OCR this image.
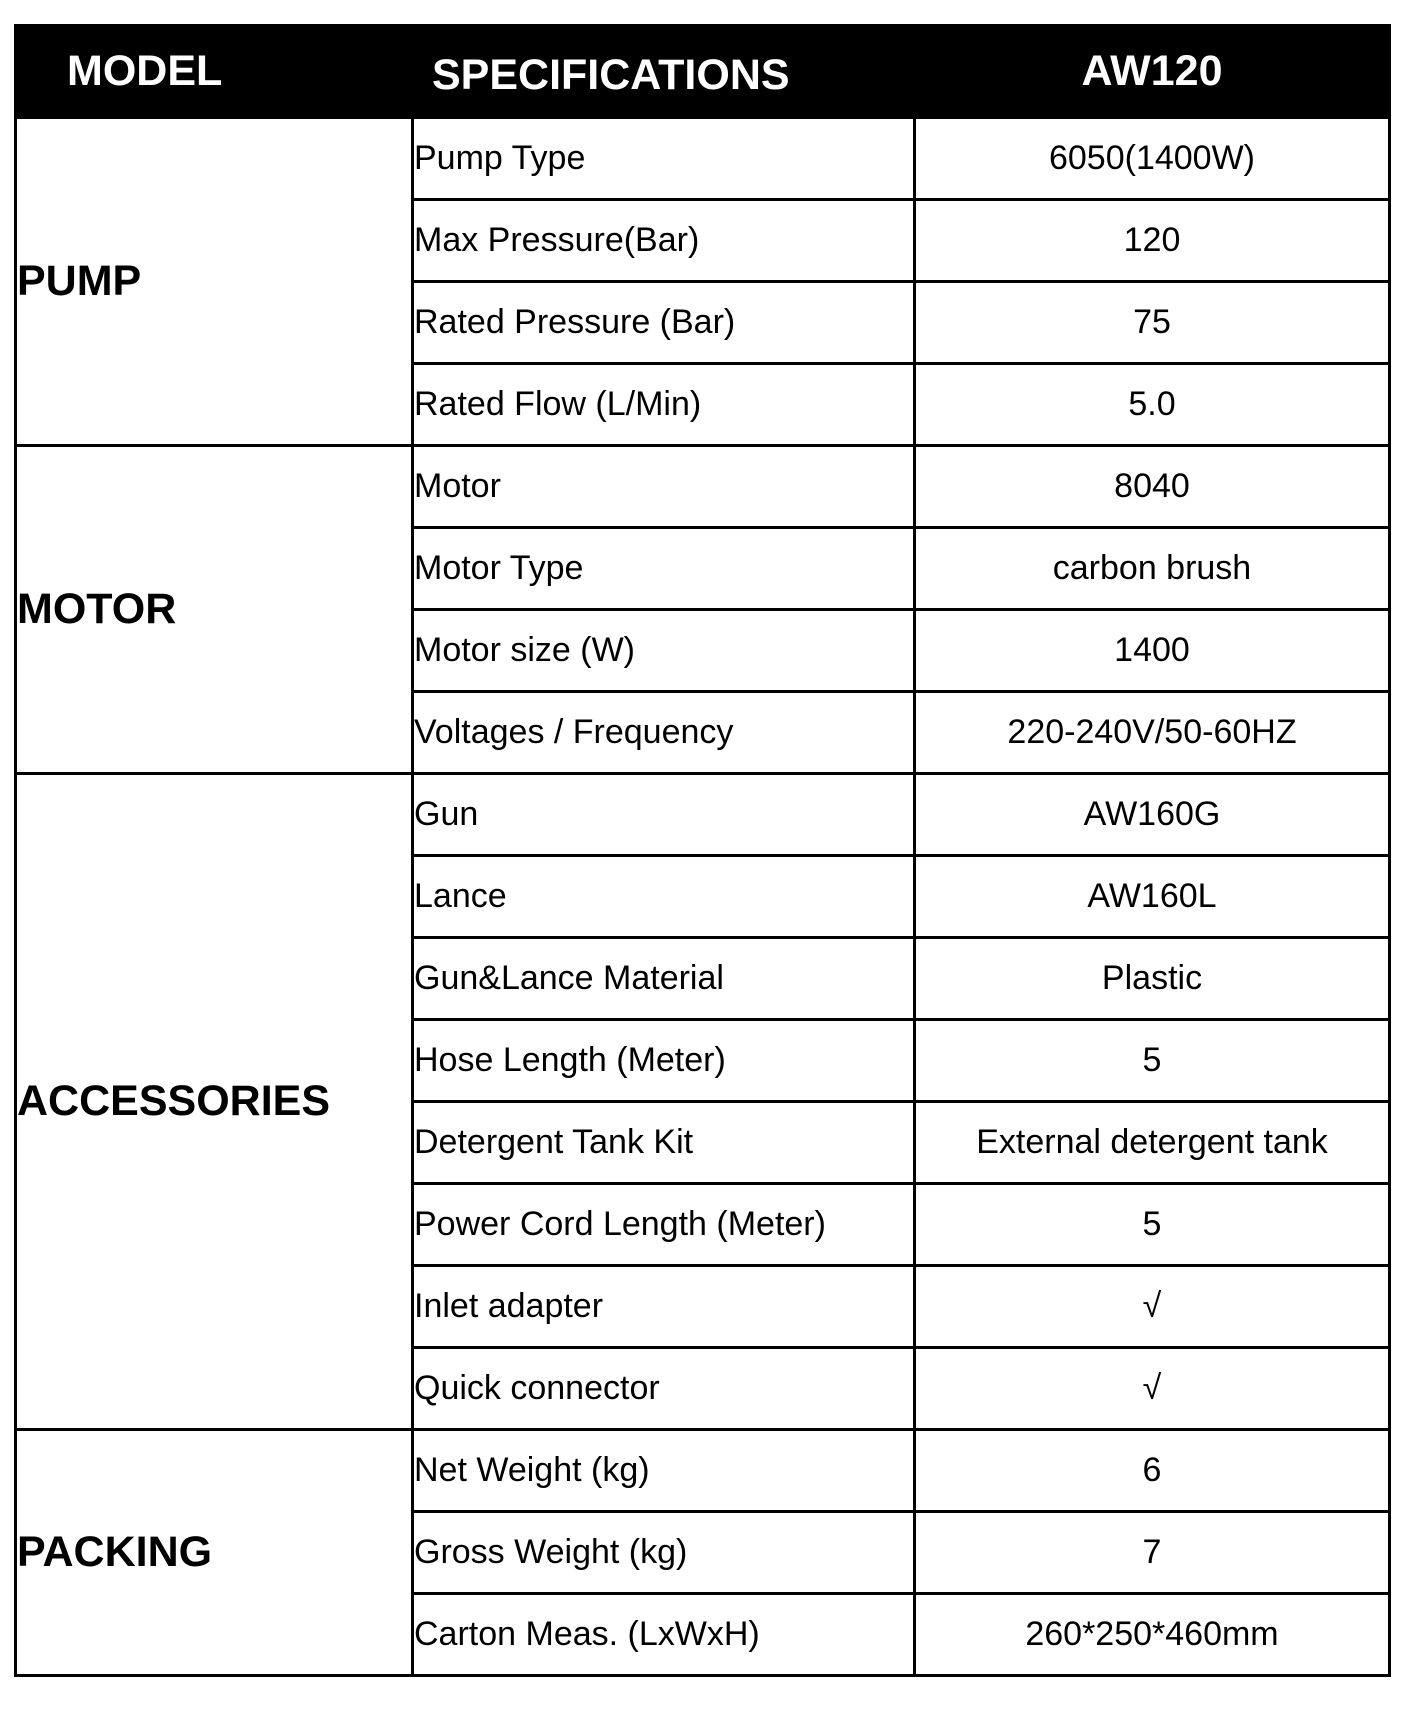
MODEL	SPECIFICATIONS	AW120
PUMP	Pump Type	6050(1400W)
	Max Pressure(Bar)	120
	Rated Pressure (Bar)	75
	Rated Flow (L/Min)	5.0
MOTOR	Motor	8040
	Motor Type	carbon brush
	Motor size (W)	1400
	Voltages / Frequency	220-240V/50-60HZ
ACCESSORIES	Gun	AW160G
	Lance	AW160L
	Gun&Lance Material	Plastic
	Hose Length (Meter)	5
	Detergent Tank Kit	External detergent tank
	Power Cord Length (Meter)	5
	Inlet adapter	√
	Quick connector	√
PACKING	Net Weight (kg)	6
	Gross Weight (kg)	7
	Carton Meas. (LxWxH)	260*250*460mm
